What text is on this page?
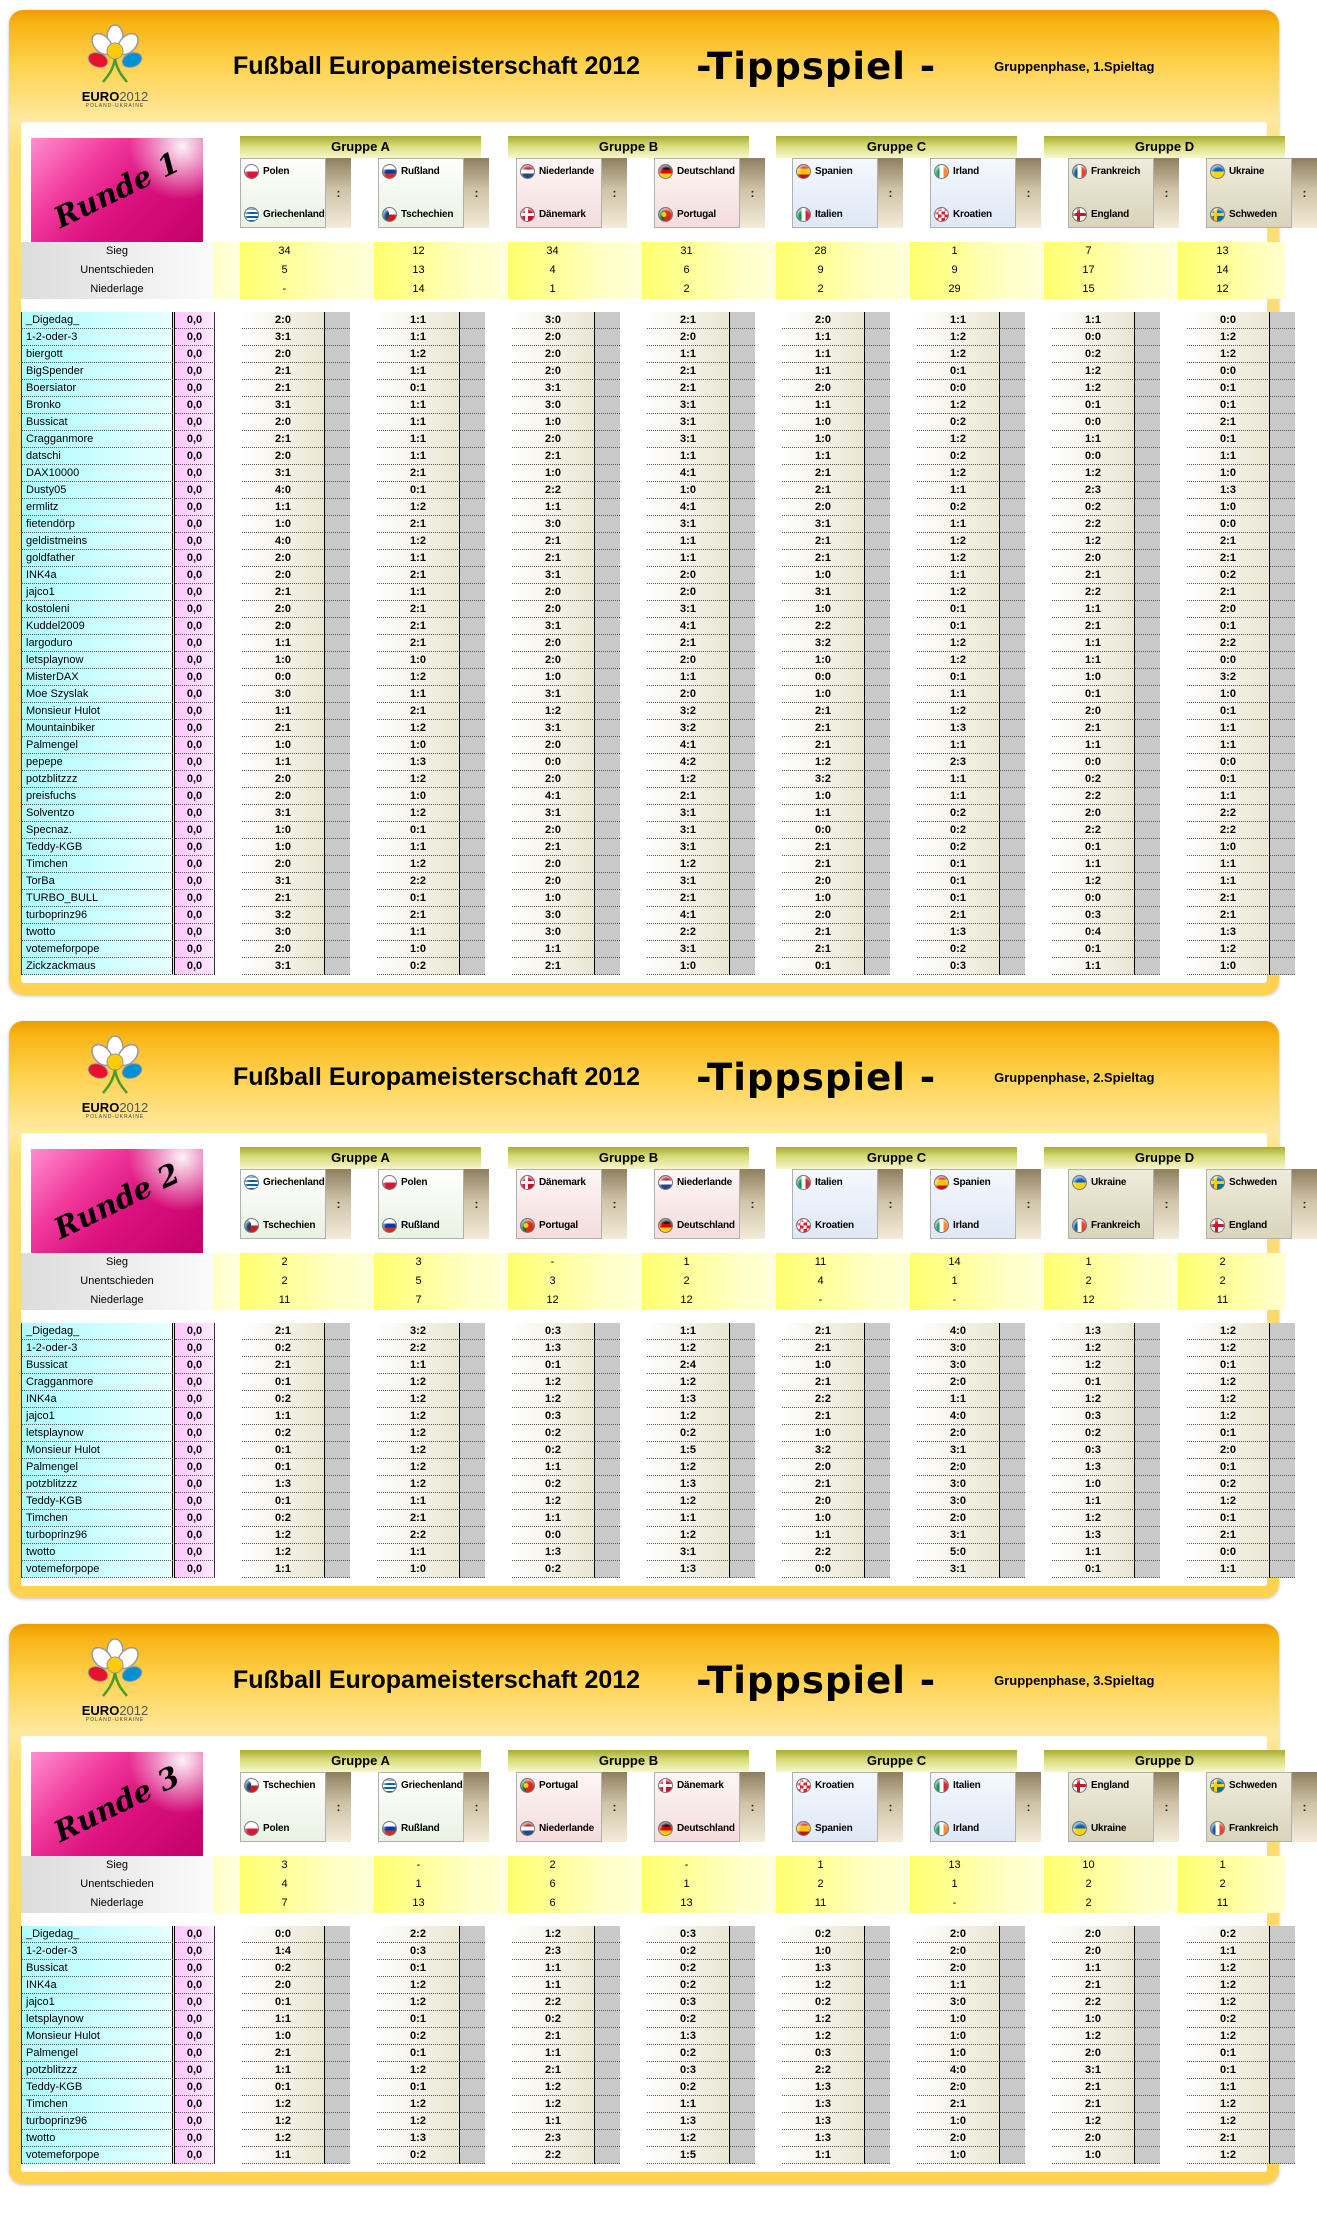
EURO2012
POLAND-UKRAINE
Fußball Europameisterschaft 2012 -Tippspiel -	Gruppenphase, 1.Spieltag
Runde 1	Gruppe A	Gruppe B	Gruppe C	Gruppe D
Polen
Griechenland
:
Rußland
Tschechien
:
Niederlande
Dänemark
:
Deutschland
Portugal
:
Spanien
Italien
:
Irland
Kroatien
:
Frankreich
England
:
Ukraine
Schweden
:
Sieg	34	12	34	31	28	1	7	13
Unentschieden	5	13	4	6	9	9	17	14
Niederlage	-	14	1	2	2	29	15	12
_Digedag_	0,0	2:0	1:1	3:0	2:1	2:0	1:1	1:1	0:0
1-2-oder-3	0,0	3:1	1:1	2:0	2:0	1:1	1:2	0:0	1:2
biergott	0,0	2:0	1:2	2:0	1:1	1:1	1:2	0:2	1:2
BigSpender	0,0	2:1	1:1	2:0	2:1	1:1	0:1	1:2	0:0
Boersiator	0,0	2:1	0:1	3:1	2:1	2:0	0:0	1:2	0:1
Bronko	0,0	3:1	1:1	3:0	3:1	1:1	1:2	0:1	0:1
Bussicat	0,0	2:0	1:1	1:0	3:1	1:0	0:2	0:0	2:1
Cragganmore	0,0	2:1	1:1	2:0	3:1	1:0	1:2	1:1	0:1
datschi	0,0	2:0	1:1	2:1	1:1	1:1	0:2	0:0	1:1
DAX10000	0,0	3:1	2:1	1:0	4:1	2:1	1:2	1:2	1:0
Dusty05	0,0	4:0	0:1	2:2	1:0	2:1	1:1	2:3	1:3
ermlitz	0,0	1:1	1:2	1:1	4:1	2:0	0:2	0:2	1:0
fietendörp	0,0	1:0	2:1	3:0	3:1	3:1	1:1	2:2	0:0
geldistmeins	0,0	4:0	1:2	2:1	1:1	2:1	1:2	1:2	2:1
goldfather	0,0	2:0	1:1	2:1	1:1	2:1	1:2	2:0	2:1
INK4a	0,0	2:0	2:1	3:1	2:0	1:0	1:1	2:1	0:2
jajco1	0,0	2:1	1:1	2:0	2:0	3:1	1:2	2:2	2:1
kostoleni	0,0	2:0	2:1	2:0	3:1	1:0	0:1	1:1	2:0
Kuddel2009	0,0	2:0	2:1	3:1	4:1	2:2	0:1	2:1	0:1
largoduro	0,0	1:1	2:1	2:0	2:1	3:2	1:2	1:1	2:2
letsplaynow	0,0	1:0	1:0	2:0	2:0	1:0	1:2	1:1	0:0
MisterDAX	0,0	0:0	1:2	1:0	1:1	0:0	0:1	1:0	3:2
Moe Szyslak	0,0	3:0	1:1	3:1	2:0	1:0	1:1	0:1	1:0
Monsieur Hulot	0,0	1:1	2:1	1:2	3:2	2:1	1:2	2:0	0:1
Mountainbiker	0,0	2:1	1:2	3:1	3:2	2:1	1:3	2:1	1:1
Palmengel	0,0	1:0	1:0	2:0	4:1	2:1	1:1	1:1	1:1
pepepe	0,0	1:1	1:3	0:0	4:2	1:2	2:3	0:0	0:0
potzblitzzz	0,0	2:0	1:2	2:0	1:2	3:2	1:1	0:2	0:1
preisfuchs	0,0	2:0	1:0	4:1	2:1	1:0	1:1	2:2	1:1
Solventzo	0,0	3:1	1:2	3:1	3:1	1:1	0:2	2:0	2:2
Specnaz.	0,0	1:0	0:1	2:0	3:1	0:0	0:2	2:2	2:2
Teddy-KGB	0,0	1:0	1:1	2:1	3:1	2:1	0:2	0:1	1:0
Timchen	0,0	2:0	1:2	2:0	1:2	2:1	0:1	1:1	1:1
TorBa	0,0	3:1	2:2	2:0	3:1	2:0	0:1	1:2	1:1
TURBO_BULL	0,0	2:1	0:1	1:0	2:1	1:0	0:1	0:0	2:1
turboprinz96	0,0	3:2	2:1	3:0	4:1	2:0	2:1	0:3	2:1
twotto	0,0	3:0	1:1	3:0	2:2	2:1	1:3	0:4	1:3
votemeforpope	0,0	2:0	1:0	1:1	3:1	2:1	0:2	0:1	1:2
Zickzackmaus	0,0	3:1	0:2	2:1	1:0	0:1	0:3	1:1	1:0
EURO2012
POLAND-UKRAINE
Fußball Europameisterschaft 2012 -Tippspiel -	Gruppenphase, 2.Spieltag
Runde 2	Gruppe A	Gruppe B	Gruppe C	Gruppe D
Griechenland
Tschechien
:
Polen
Rußland
:
Dänemark
Portugal
:
Niederlande
Deutschland
:
Italien
Kroatien
:
Spanien
Irland
:
Ukraine
Frankreich
:
Schweden
England
:
Sieg	2	3	-	1	11	14	1	2
Unentschieden	2	5	3	2	4	1	2	2
Niederlage	11	7	12	12	-	-	12	11
_Digedag_	0,0	2:1	3:2	0:3	1:1	2:1	4:0	1:3	1:2
1-2-oder-3	0,0	0:2	2:2	1:3	1:2	2:1	3:0	1:2	1:2
Bussicat	0,0	2:1	1:1	0:1	2:4	1:0	3:0	1:2	0:1
Cragganmore	0,0	0:1	1:2	1:2	1:2	2:1	2:0	0:1	1:2
INK4a	0,0	0:2	1:2	1:2	1:3	2:2	1:1	1:2	1:2
jajco1	0,0	1:1	1:2	0:3	1:2	2:1	4:0	0:3	1:2
letsplaynow	0,0	0:2	1:2	0:2	0:2	1:0	2:0	0:2	0:1
Monsieur Hulot	0,0	0:1	1:2	0:2	1:5	3:2	3:1	0:3	2:0
Palmengel	0,0	0:1	1:2	1:1	1:2	2:0	2:0	1:3	0:1
potzblitzzz	0,0	1:3	1:2	0:2	1:3	2:1	3:0	1:0	0:2
Teddy-KGB	0,0	0:1	1:1	1:2	1:2	2:0	3:0	1:1	1:2
Timchen	0,0	0:2	2:1	1:1	1:1	1:0	2:0	1:2	0:1
turboprinz96	0,0	1:2	2:2	0:0	1:2	1:1	3:1	1:3	2:1
twotto	0,0	1:2	1:1	1:3	3:1	2:2	5:0	1:1	0:0
votemeforpope	0,0	1:1	1:0	0:2	1:3	0:0	3:1	0:1	1:1
EURO2012
POLAND-UKRAINE
Fußball Europameisterschaft 2012 -Tippspiel -	Gruppenphase, 3.Spieltag
Runde 3	Gruppe A	Gruppe B	Gruppe C	Gruppe D
Tschechien
Polen
:
Griechenland
Rußland
:
Portugal
Niederlande
:
Dänemark
Deutschland
:
Kroatien
Spanien
:
Italien
Irland
:
England
Ukraine
:
Schweden
Frankreich
:
Sieg	3	-	2	-	1	13	10	1
Unentschieden	4	1	6	1	2	1	2	2
Niederlage	7	13	6	13	11	-	2	11
_Digedag_	0,0	0:0	2:2	1:2	0:3	0:2	2:0	2:0	0:2
1-2-oder-3	0,0	1:4	0:3	2:3	0:2	1:0	2:0	2:0	1:1
Bussicat	0,0	0:2	0:1	1:1	0:2	1:3	2:0	1:1	1:2
INK4a	0,0	2:0	1:2	1:1	0:2	1:2	1:1	2:1	1:2
jajco1	0,0	0:1	1:2	2:2	0:3	0:2	3:0	2:2	1:2
letsplaynow	0,0	1:1	0:1	0:2	0:2	1:2	1:0	1:0	0:2
Monsieur Hulot	0,0	1:0	0:2	2:1	1:3	1:2	1:0	1:2	1:2
Palmengel	0,0	2:1	0:1	1:1	0:2	0:3	1:0	2:0	0:1
potzblitzzz	0,0	1:1	1:2	2:1	0:3	2:2	4:0	3:1	0:1
Teddy-KGB	0,0	0:1	0:1	1:2	0:2	1:3	2:0	2:1	1:1
Timchen	0,0	1:2	1:2	1:2	1:1	1:3	2:1	2:1	1:2
turboprinz96	0,0	1:2	1:2	1:1	1:3	1:3	1:0	1:2	1:2
twotto	0,0	1:2	1:3	2:3	1:2	1:3	2:0	2:0	2:1
votemeforpope	0,0	1:1	0:2	2:2	1:5	1:1	1:0	1:0	1:2
